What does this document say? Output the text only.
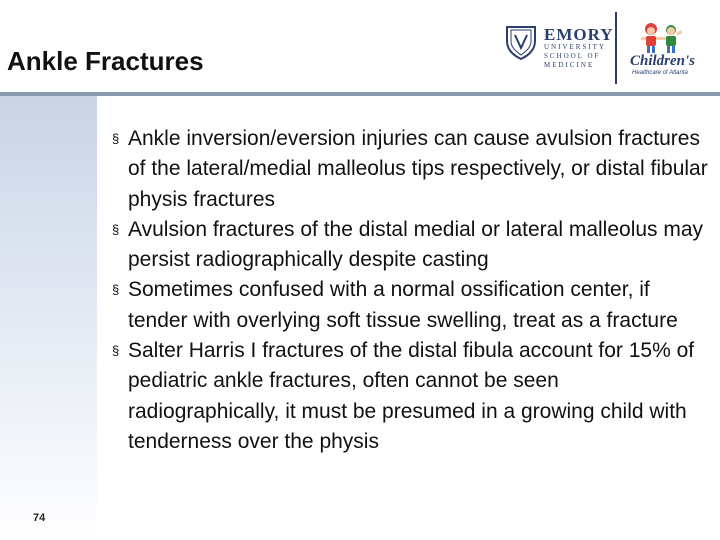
Ankle Fractures
EMORY
UNIVERSITY
SCHOOL OF
MEDICINE	Children's
Healthcare of Atlanta
74
§ Ankle inversion/eversion injuries can cause avulsion fractures of the lateral/medial malleolus tips respectively, or distal fibular physis fractures
§ Avulsion fractures of the distal medial or lateral malleolus may persist radiographically despite casting
§ Sometimes confused with a normal ossification center, if tender with overlying soft tissue swelling, treat as a fracture
§ Salter Harris I fractures of the distal fibula account for 15% of pediatric ankle fractures, often cannot be seen radiographically, it must be presumed in a growing child with tenderness over the physis
